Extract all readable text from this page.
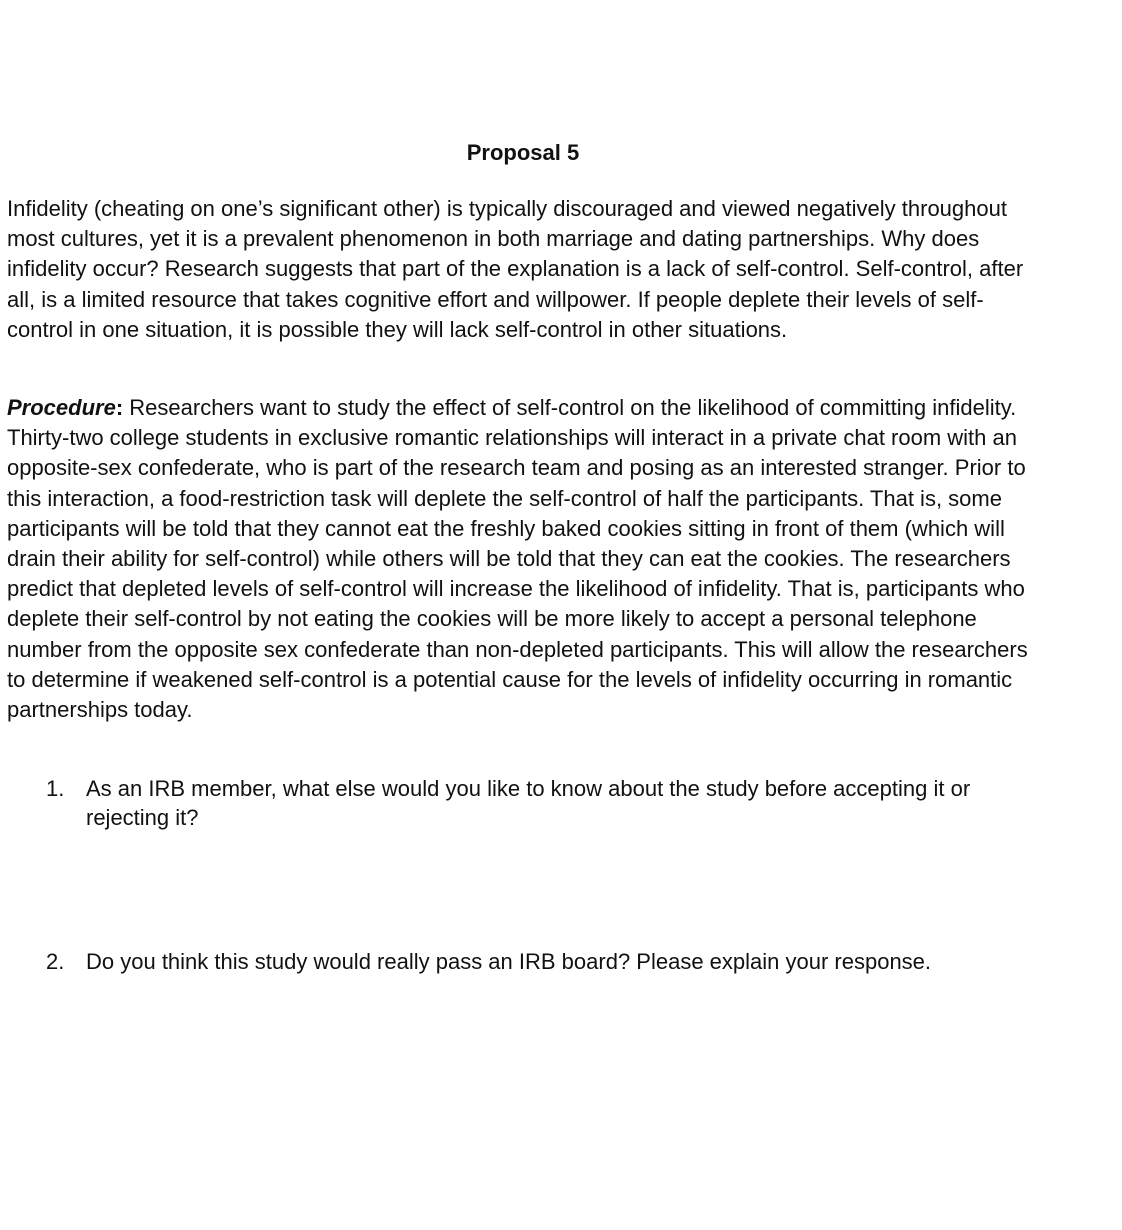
Proposal 5

Infidelity (cheating on one’s significant other) is typically discouraged and viewed negatively throughout most cultures, yet it is a prevalent phenomenon in both marriage and dating partnerships. Why does infidelity occur? Research suggests that part of the explanation is a lack of self-control. Self-control, after all, is a limited resource that takes cognitive effort and willpower. If people deplete their levels of self-control in one situation, it is possible they will lack self-control in other situations.

Procedure: Researchers want to study the effect of self-control on the likelihood of committing infidelity. Thirty-two college students in exclusive romantic relationships will interact in a private chat room with an opposite-sex confederate, who is part of the research team and posing as an interested stranger. Prior to this interaction, a food-restriction task will deplete the self-control of half the participants. That is, some participants will be told that they cannot eat the freshly baked cookies sitting in front of them (which will drain their ability for self-control) while others will be told that they can eat the cookies. The researchers predict that depleted levels of self-control will increase the likelihood of infidelity. That is, participants who deplete their self-control by not eating the cookies will be more likely to accept a personal telephone number from the opposite sex confederate than non-depleted participants. This will allow the researchers to determine if weakened self-control is a potential cause for the levels of infidelity occurring in romantic partnerships today.

1. As an IRB member, what else would you like to know about the study before accepting it or rejecting it?
2. Do you think this study would really pass an IRB board? Please explain your response.
